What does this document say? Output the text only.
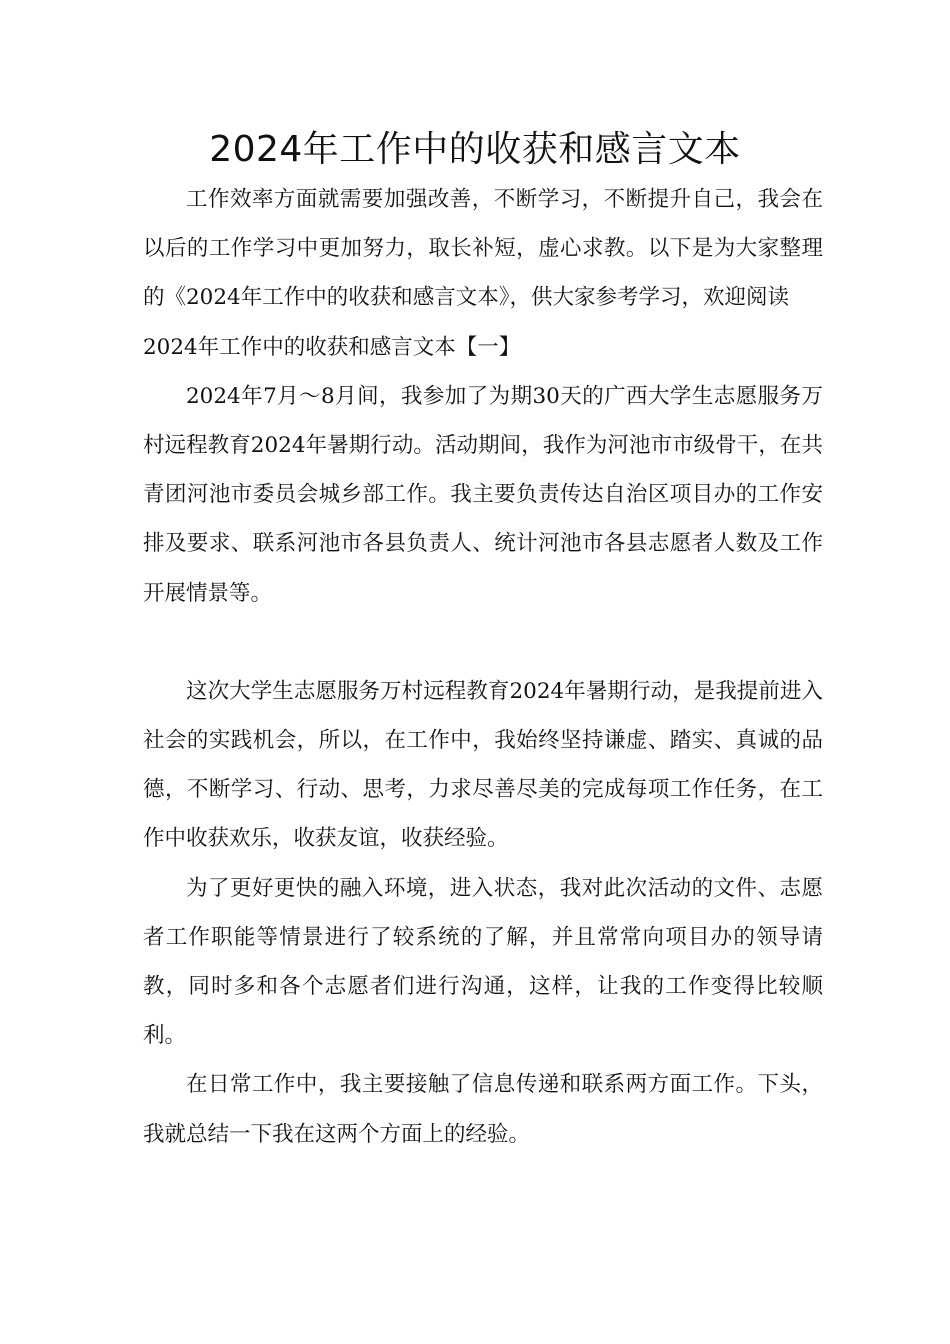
2024年工作中的收获和感言文本

工作效率方面就需要加强改善，不断学习，不断提升自己，我会在以后的工作学习中更加努力，取长补短，虚心求教。以下是为大家整理的《2024年工作中的收获和感言文本》，供大家参考学习，欢迎阅读

2024年工作中的收获和感言文本【一】

2024年7月～8月间，我参加了为期30天的广西大学生志愿服务万村远程教育2024年暑期行动。活动期间，我作为河池市市级骨干，在共青团河池市委员会城乡部工作。我主要负责传达自治区项目办的工作安排及要求、联系河池市各县负责人、统计河池市各县志愿者人数及工作开展情景等。

这次大学生志愿服务万村远程教育2024年暑期行动，是我提前进入社会的实践机会，所以，在工作中，我始终坚持谦虚、踏实、真诚的品德，不断学习、行动、思考，力求尽善尽美的完成每项工作任务，在工作中收获欢乐，收获友谊，收获经验。

为了更好更快的融入环境，进入状态，我对此次活动的文件、志愿者工作职能等情景进行了较系统的了解，并且常常向项目办的领导请教，同时多和各个志愿者们进行沟通，这样，让我的工作变得比较顺利。

在日常工作中，我主要接触了信息传递和联系两方面工作。下头，我就总结一下我在这两个方面上的经验。
